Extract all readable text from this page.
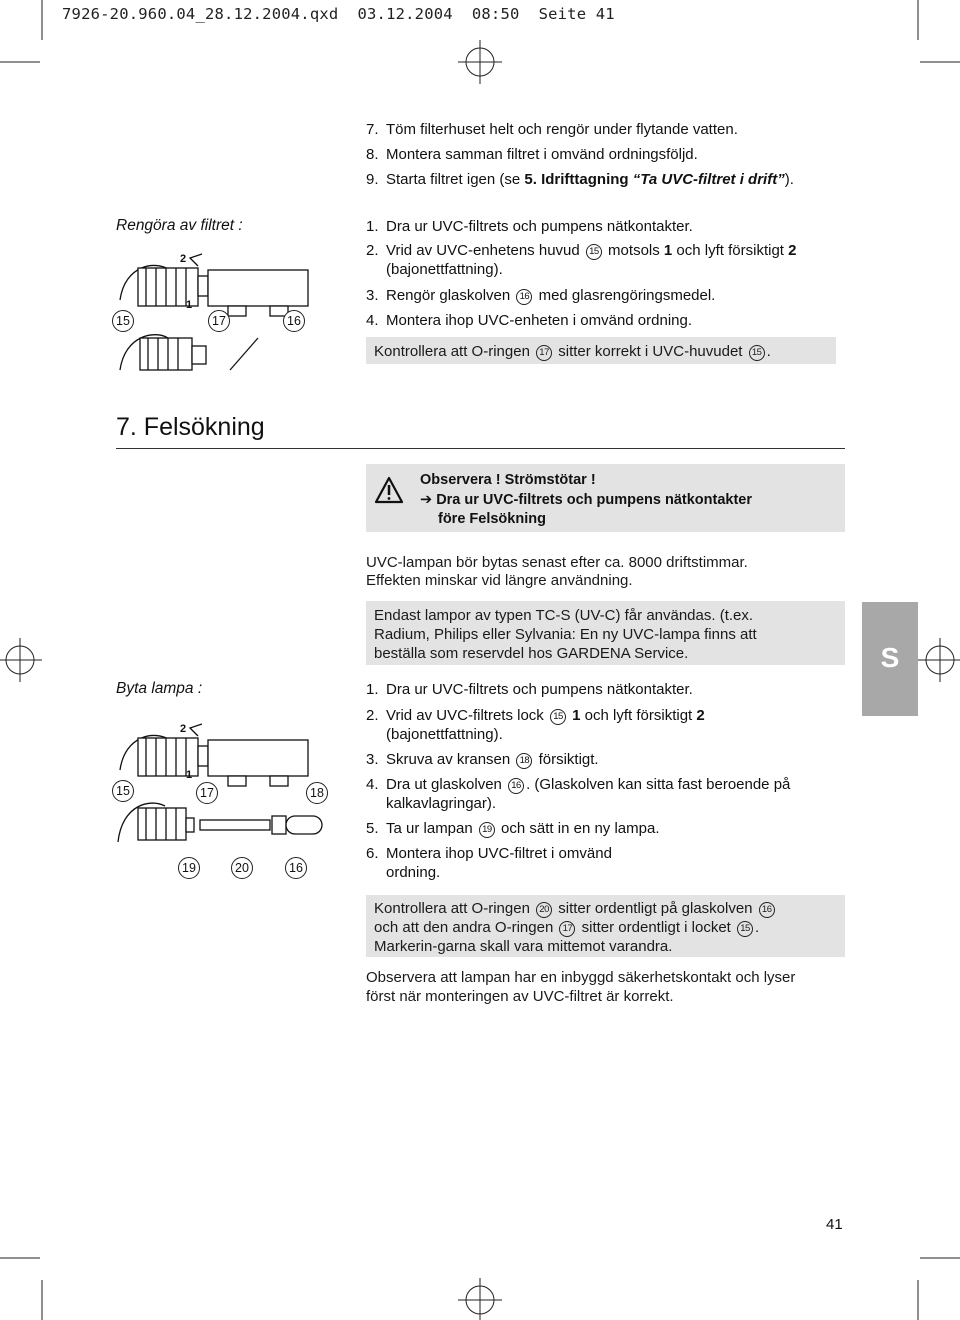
7926-20.960.04_28.12.2004.qxd  03.12.2004  08:50  Seite 41
7. Töm filterhuset helt och rengör under flytande vatten.
8. Montera samman filtret i omvänd ordningsföljd.
9. Starta filtret igen (se 5. Idrifttagning “Ta UVC-filtret i drift”).
Rengöra av filtret :
2
1
15	17	16
1. Dra ur UVC-filtrets och pumpens nätkontakter.
2. Vrid av UVC-enhetens huvud 15 motsols 1 och lyft försiktigt 2
(bajonettfattning).
3. Rengör glaskolven 16 med glasrengöringsmedel.
4. Montera ihop UVC-enheten i omvänd ordning.
Kontrollera att O-ringen 17 sitter korrekt i UVC-huvudet 15 .
7. Felsökning
Observera ! Strömstötar !
➔ Dra ur UVC-filtrets och pumpens nätkontakter
före Felsökning
UVC-lampan bör bytas senast efter ca. 8000 driftstimmar.
Effekten minskar vid längre användning.
Endast lampor av typen TC-S (UV-C) får användas. (t.ex.
Radium, Philips eller Sylvania: En ny UVC-lampa finns att
beställa som reservdel hos GARDENA Service.	S
Byta lampa :
2
1
15	17	18
19	20	16
1. Dra ur UVC-filtrets och pumpens nätkontakter.
2. Vrid av UVC-filtrets lock 15 1 och lyft försiktigt 2
(bajonettfattning).
3. Skruva av kransen 18 försiktigt.
4. Dra ut glaskolven 16 . (Glaskolven kan sitta fast beroende på
kalkavlagringar).
5. Ta ur lampan 19 och sätt in en ny lampa.
6. Montera ihop UVC-filtret i omvänd
ordning.
Kontrollera att O-ringen 20 sitter ordentligt på glaskolven 16
och att den andra O-ringen 17 sitter ordentligt i locket 15 .
Markerin-garna skall vara mittemot varandra.
Observera att lampan har en inbyggd säkerhetskontakt och lyser
först när monteringen av UVC-filtret är korrekt.
41
